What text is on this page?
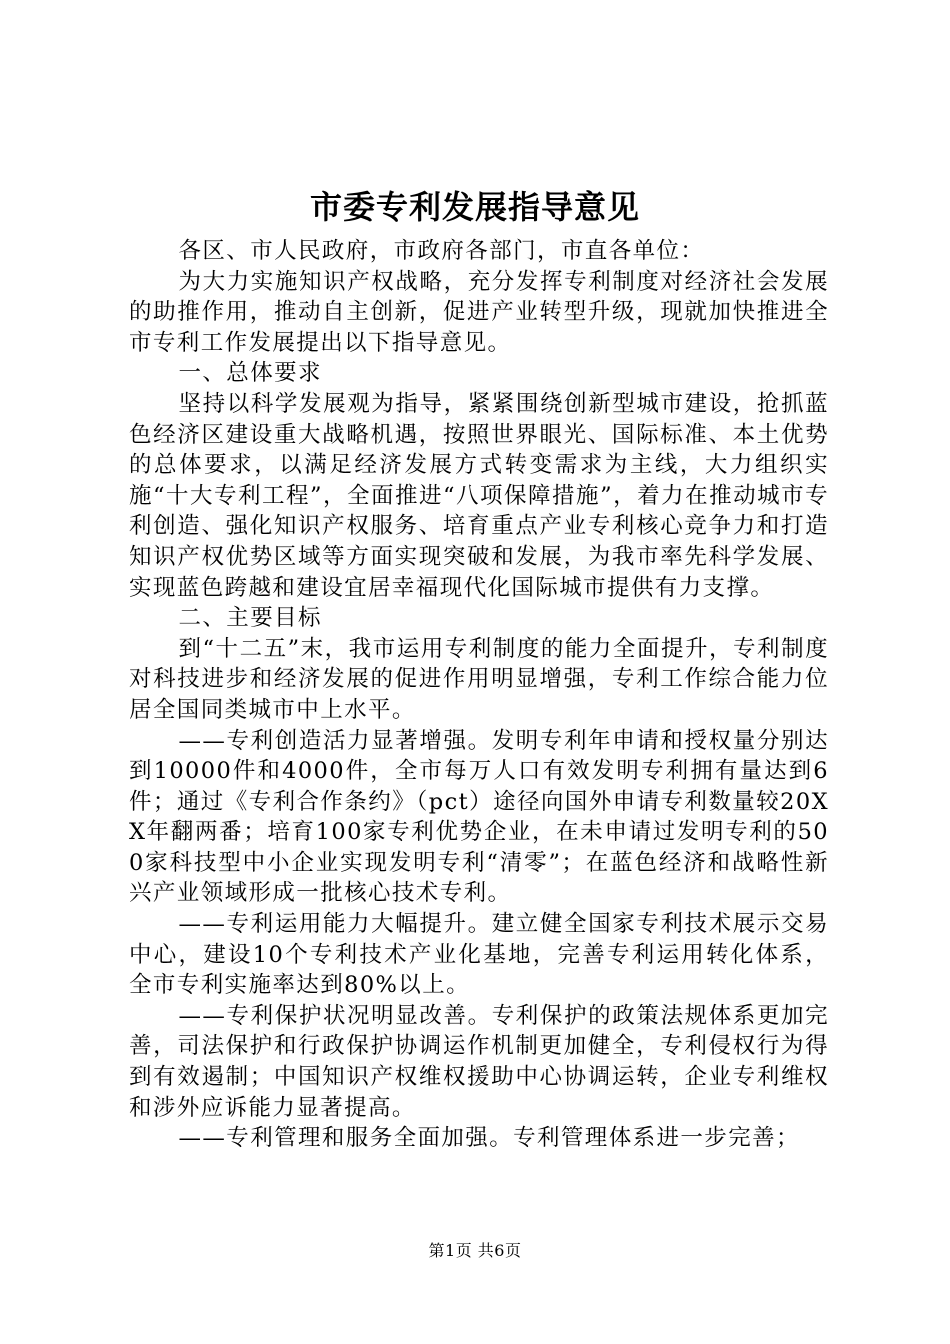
市委专利发展指导意见

各区、市人民政府，市政府各部门，市直各单位：

为大力实施知识产权战略，充分发挥专利制度对经济社会发展的助推作用，推动自主创新，促进产业转型升级，现就加快推进全市专利工作发展提出以下指导意见。

一、总体要求

坚持以科学发展观为指导，紧紧围绕创新型城市建设，抢抓蓝色经济区建设重大战略机遇，按照世界眼光、国际标准、本土优势的总体要求，以满足经济发展方式转变需求为主线，大力组织实施“十大专利工程”，全面推进“八项保障措施”，着力在推动城市专利创造、强化知识产权服务、培育重点产业专利核心竞争力和打造知识产权优势区域等方面实现突破和发展，为我市率先科学发展、实现蓝色跨越和建设宜居幸福现代化国际城市提供有力支撑。

二、主要目标

到“十二五”末，我市运用专利制度的能力全面提升，专利制度对科技进步和经济发展的促进作用明显增强，专利工作综合能力位居全国同类城市中上水平。

——专利创造活力显著增强。发明专利年申请和授权量分别达到10000件和4000件，全市每万人口有效发明专利拥有量达到6件；通过《专利合作条约》（pct）途径向国外申请专利数量较20XX年翻两番；培育100家专利优势企业，在未申请过发明专利的500家科技型中小企业实现发明专利“清零”；在蓝色经济和战略性新兴产业领域形成一批核心技术专利。

——专利运用能力大幅提升。建立健全国家专利技术展示交易中心，建设10个专利技术产业化基地，完善专利运用转化体系，全市专利实施率达到80%以上。

——专利保护状况明显改善。专利保护的政策法规体系更加完善，司法保护和行政保护协调运作机制更加健全，专利侵权行为得到有效遏制；中国知识产权维权援助中心协调运转，企业专利维权和涉外应诉能力显著提高。

——专利管理和服务全面加强。专利管理体系进一步完善；

第1页 共6页
